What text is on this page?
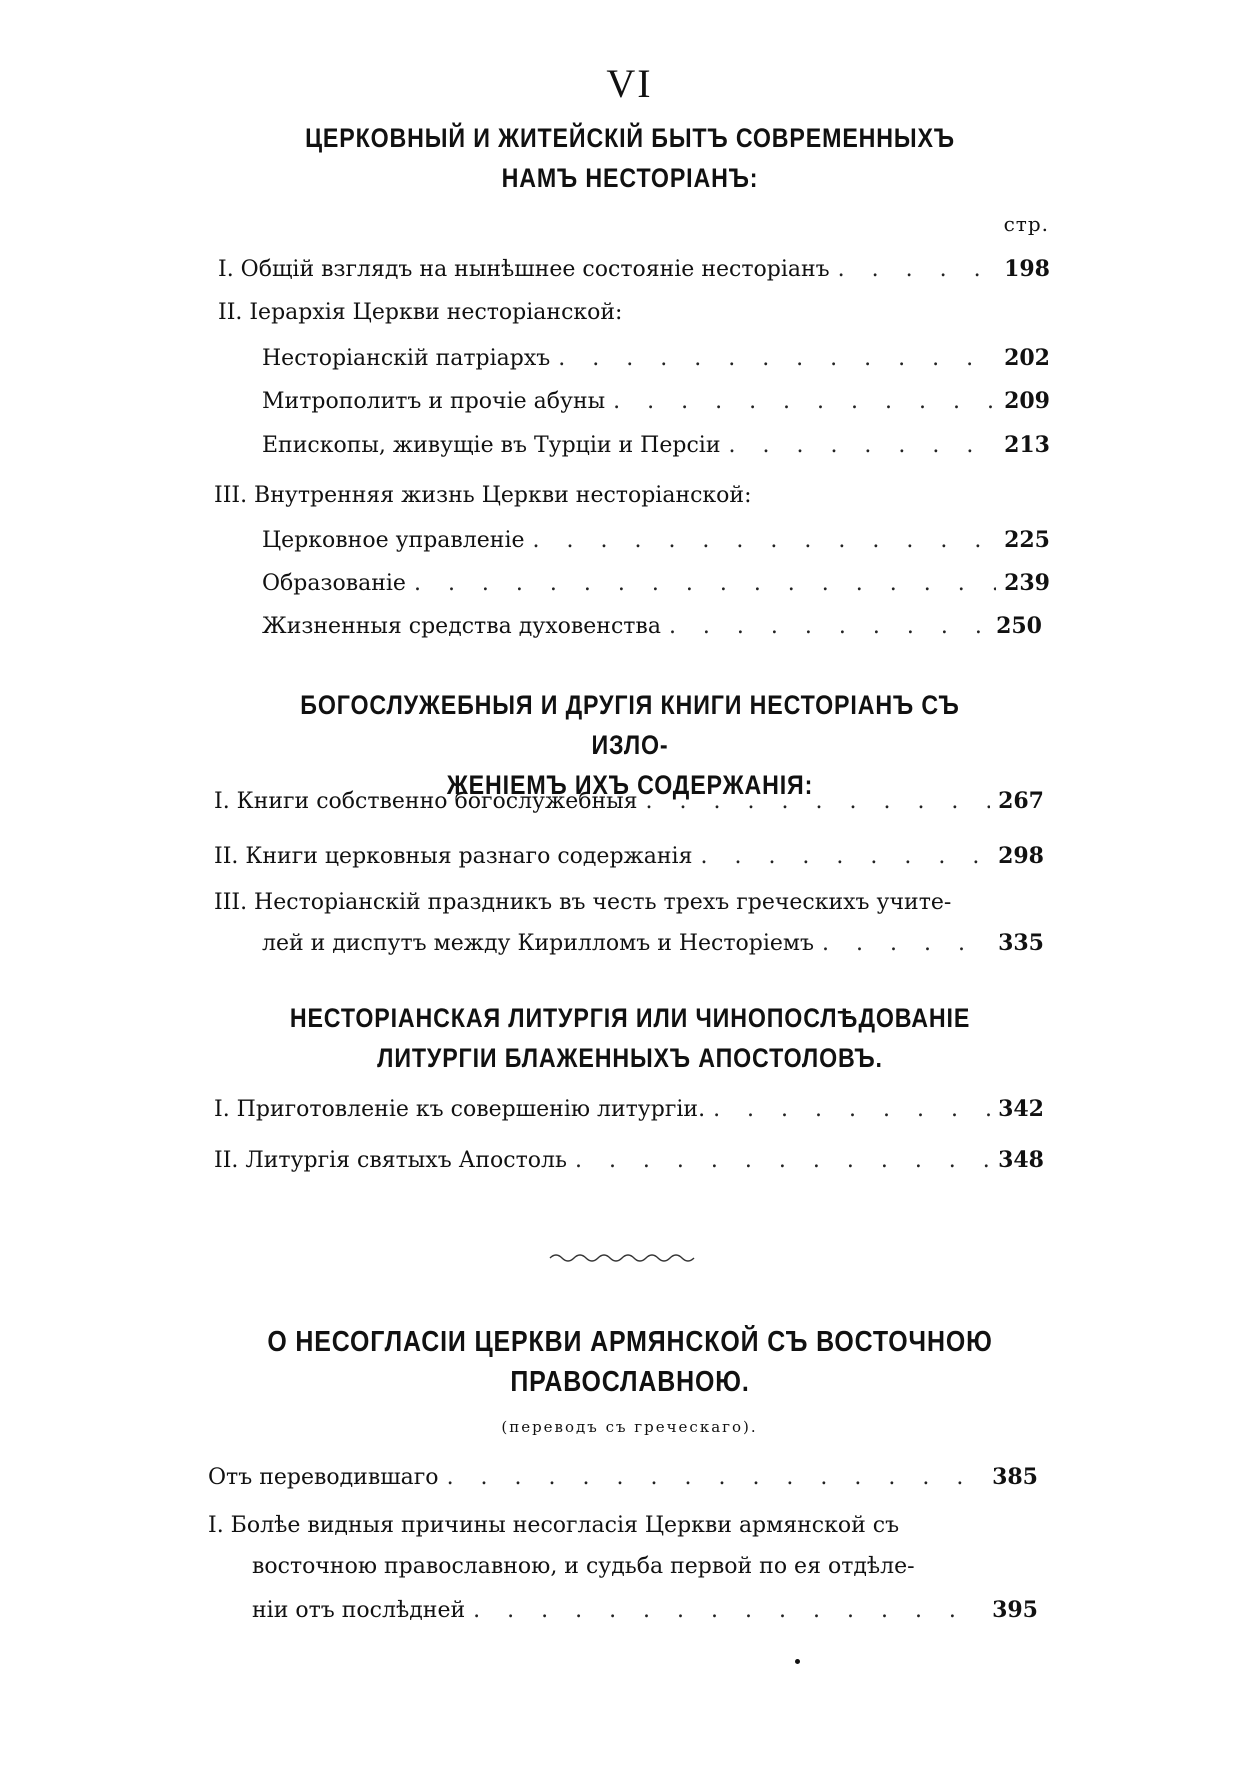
VI
ЦЕРКОВНЫЙ И ЖИТЕЙСКІЙ БЫТЪ СОВРЕМЕННЫХЪ
НАМЪ НЕСТОРІАНЪ:
стр.
I. Общій взглядъ на нынѣшнее состояніе несторіанъ . . .	198
II. Іерархія Церкви несторіанской:
Несторіанскій патріархъ . . .	202
Митрополитъ и прочіе абуны . . .	209
Епископы, живущіе въ Турціи и Персіи . . .	213
III. Внутренняя жизнь Церкви несторіанской:
Церковное управленіе . . .	225
Образованіе . . .	239
Жизненныя средства духовенства . . .	250
БОГОСЛУЖЕБНЫЯ И ДРУГІЯ КНИГИ НЕСТОРІАНЪ СЪ ИЗЛО-
ЖЕНІЕМЪ ИХЪ СОДЕРЖАНІЯ:
I. Книги собственно богослужебныя . . .	267
II. Книги церковныя разнаго содержанія . . .	298
III. Несторіанскій праздникъ въ честь трехъ греческихъ учите-
лей и диспутъ между Кирилломъ и Несторіемъ . . .	335
НЕСТОРІАНСКАЯ ЛИТУРГІЯ ИЛИ ЧИНОПОСЛѢДОВАНІЕ
ЛИТУРГІИ БЛАЖЕННЫХЪ АПОСТОЛОВЪ.
I. Приготовленіе къ совершенію литургіи. . . .	342
II. Литургія святыхъ Апостоль . . .	348
О НЕСОГЛАСІИ ЦЕРКВИ АРМЯНСКОЙ СЪ ВОСТОЧНОЮ
ПРАВОСЛАВНОЮ.
(переводъ съ греческаго).
Отъ переводившаго . . .	385
I. Болѣе видныя причины несогласія Церкви армянской съ
восточною православною, и судьба первой по ея отдѣле-
ніи отъ послѣдней . . .	395
